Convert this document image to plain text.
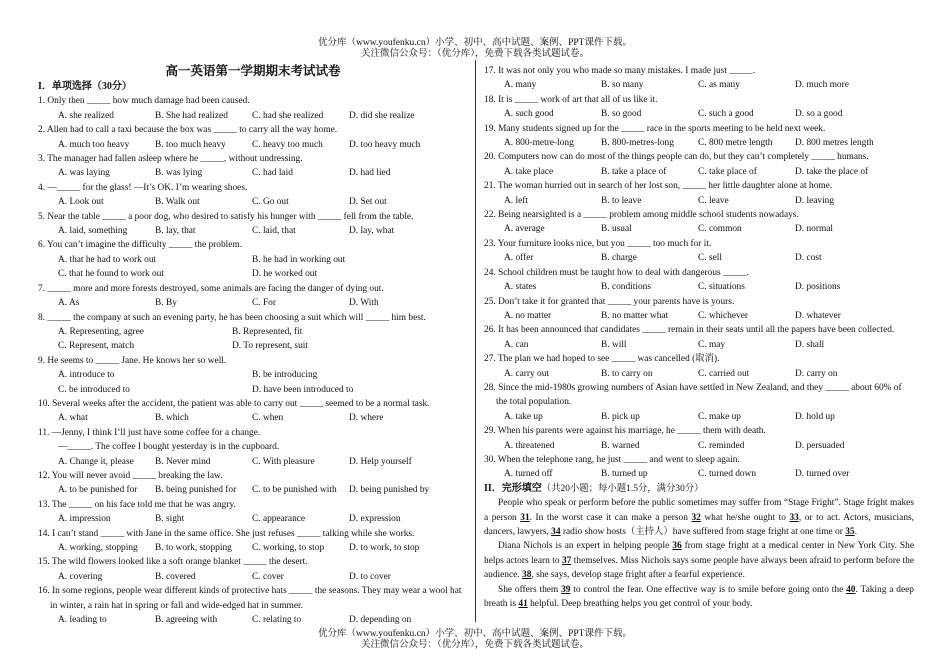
优分库（www.youfenku.cn）小学、初中、高中试题、案例、PPT课件下载。
关注微信公众号：（优分库），免费下载各类试题试卷。
高一英语第一学期期末考试试卷
I．单项选择（30分）
1. Only then _____ how much damage had been caused.
A. she realized	B. She had realized	C. had she realized	D. did she realize
2. Allen had to call a taxi because the box was _____ to carry all the way home.
A. much too heavy	B. too much heavy	C. heavy too much	D. too heavy much
3. The manager had fallen asleep where he _____, without undressing.
A. was laying	B. was lying	C. had laid	D. had lied
4. —_____ for the glass! —It’s OK. I’m wearing shoes.
A. Look out	B. Walk out	C. Go out	D. Set out
5. Near the table _____ a poor dog, who desired to satisfy his hunger with _____ fell from the table.
A. laid, something	B. lay, that	C. laid, that	D. lay, what
6. You can’t imagine the difficulty _____ the problem.
A. that he had to work out	B. he had in working out
C. that he found to work out	D. he worked out
7. _____ more and more forests destroyed, some animals are facing the danger of dying out.
A. As	B. By	C. For	D. With
8. _____ the company at such an evening party, he has been choosing a suit which will _____ him best.
A. Representing, agree	B. Represented, fit
C. Represent, match	D. To represent, suit
9. He seems to _____ Jane. He knows her so well.
A. introduce to	B. be introducing
C. be introduced to	D. have been introduced to
10. Several weeks after the accident, the patient was able to carry out _____ seemed to be a normal task.
A. what	B. which	C. when	D. where
11. —Jenny, I think I’ll just have some coffee for a change.
—_____. The coffee I bought yesterday is in the cupboard.
A. Change it, please	B. Never mind	C. With pleasure	D. Help yourself
12. You will never avoid _____ breaking the law.
A. to be punished for	B. being punished for	C. to be punished with	D. being punished by
13. The _____ on his face told me that he was angry.
A. impression	B. sight	C. appearance	D. expression
14. I can’t stand _____ with Jane in the same office. She just refuses _____ talking while she works.
A. working, stopping	B. to work, stopping	C. working, to stop	D. to work, to stop
15. The wild flowers looked like a soft orange blanket _____ the desert.
A. covering	B. covered	C. cover	D. to cover
16. In some regions, people wear different kinds of protective hats _____ the seasons. They may wear a wool hat in winter, a rain hat in spring or fall and wide-edged hat in summer.
A. leading to	B. agreeing with	C. relating to	D. depending on
17. It was not only you who made so many mistakes. I made just _____.
A. many	B. so many	C. as many	D. much more
18. It is _____ work of art that all of us like it.
A. such good	B. so good	C. such a good	D. so a good
19. Many students signed up for the _____ race in the sports meeting to be held next week.
A. 800-metre-long	B. 800-metres-long	C. 800 metre length	D. 800 metres length
20. Computers now can do most of the things people can do, but they can’t completely _____ humans.
A. take place	B. take a place of	C. take place of	D. take the place of
21. The woman hurried out in search of her lost son, _____ her little daughter alone at home.
A. left	B. to leave	C. leave	D. leaving
22. Being nearsighted is a _____ problem among middle school students nowadays.
A. average	B. usual	C. common	D. normal
23. Your furniture looks nice, but you _____ too much for it.
A. offer	B. charge	C. sell	D. cost
24. School children must be taught how to deal with dangerous _____.
A. states	B. conditions	C. situations	D. positions
25. Don’t take it for granted that _____ your parents have is yours.
A. no matter	B. no matter what	C. whichever	D. whatever
26. It has been announced that candidates _____ remain in their seats until all the papers have been collected.
A. can	B. will	C. may	D. shall
27. The plan we had hoped to see _____ was cancelled (取消).
A. carry out	B. to carry on	C. carried out	D. carry on
28. Since the mid-1980s growing numbers of Asian have settled in New Zealand, and they _____ about 60% of the total population.
A. take up	B. pick up	C. make up	D. hold up
29. When his parents were against his marriage, he _____ them with death.
A. threatened	B. warned	C. reminded	D. persuaded
30. When the telephone rang, he just _____ and went to sleep again.
A. turned off	B. turned up	C. turned down	D. turned over
II．完形填空（共20小题；每小题1.5分，满分30分）
People who speak or perform before the public sometimes may suffer from “Stage Fright”. Stage fright makes a person 31. In the worst case it can make a person 32 what he/she ought to 33, or to act. Actors, musicians, dancers, lawyers, 34 radio show hosts（主持人）have suffered from stage fright at one time or 35.
Diana Nichols is an expert in helping people 36 from stage fright at a medical center in New York City. She helps actors learn to 37 themselves. Miss Nichols says some people have always been afraid to perform before the audience. 38, she says, develop stage fright after a fearful experience.
She offers them 39 to control the fear. One effective way is to smile before going onto the 40. Taking a deep breath is 41 helpful. Deep breathing helps you get control of your body.
优分库（www.youfenku.cn）小学、初中、高中试题、案例、PPT课件下载。
关注微信公众号：（优分库），免费下载各类试题试卷。
